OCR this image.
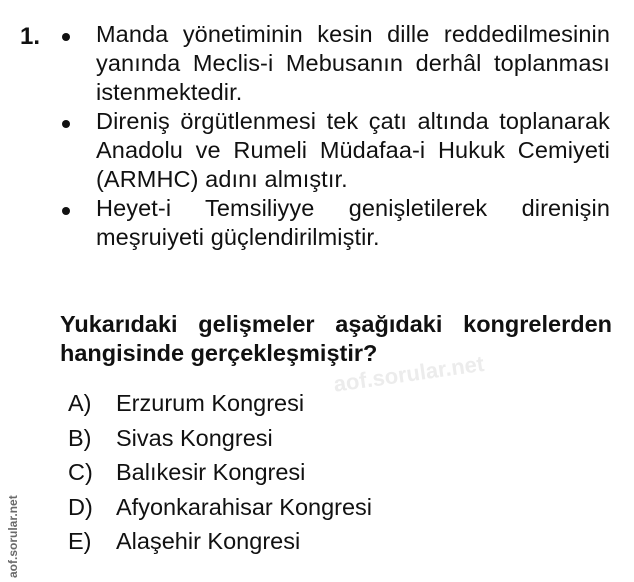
1. Manda yönetiminin kesin dille reddedilmesinin yanında Meclis-i Mebusanın derhâl toplanması istenmektedir.
Direniş örgütlenmesi tek çatı altında toplanarak Anadolu ve Rumeli Müdafaa-i Hukuk Cemiyeti (ARMHC) adını almıştır.
Heyet-i Temsiliyye genişletilerek direnişin meşruiyeti güçlendirilmiştir.

Yukarıdaki gelişmeler aşağıdaki kongrelerden hangisinde gerçekleşmiştir?

aof.sorular.net
A) Erzurum Kongresi
B) Sivas Kongresi
C) Balıkesir Kongresi
D) Afyonkarahisar Kongresi
E) Alaşehir Kongresi
aof.sorular.net
